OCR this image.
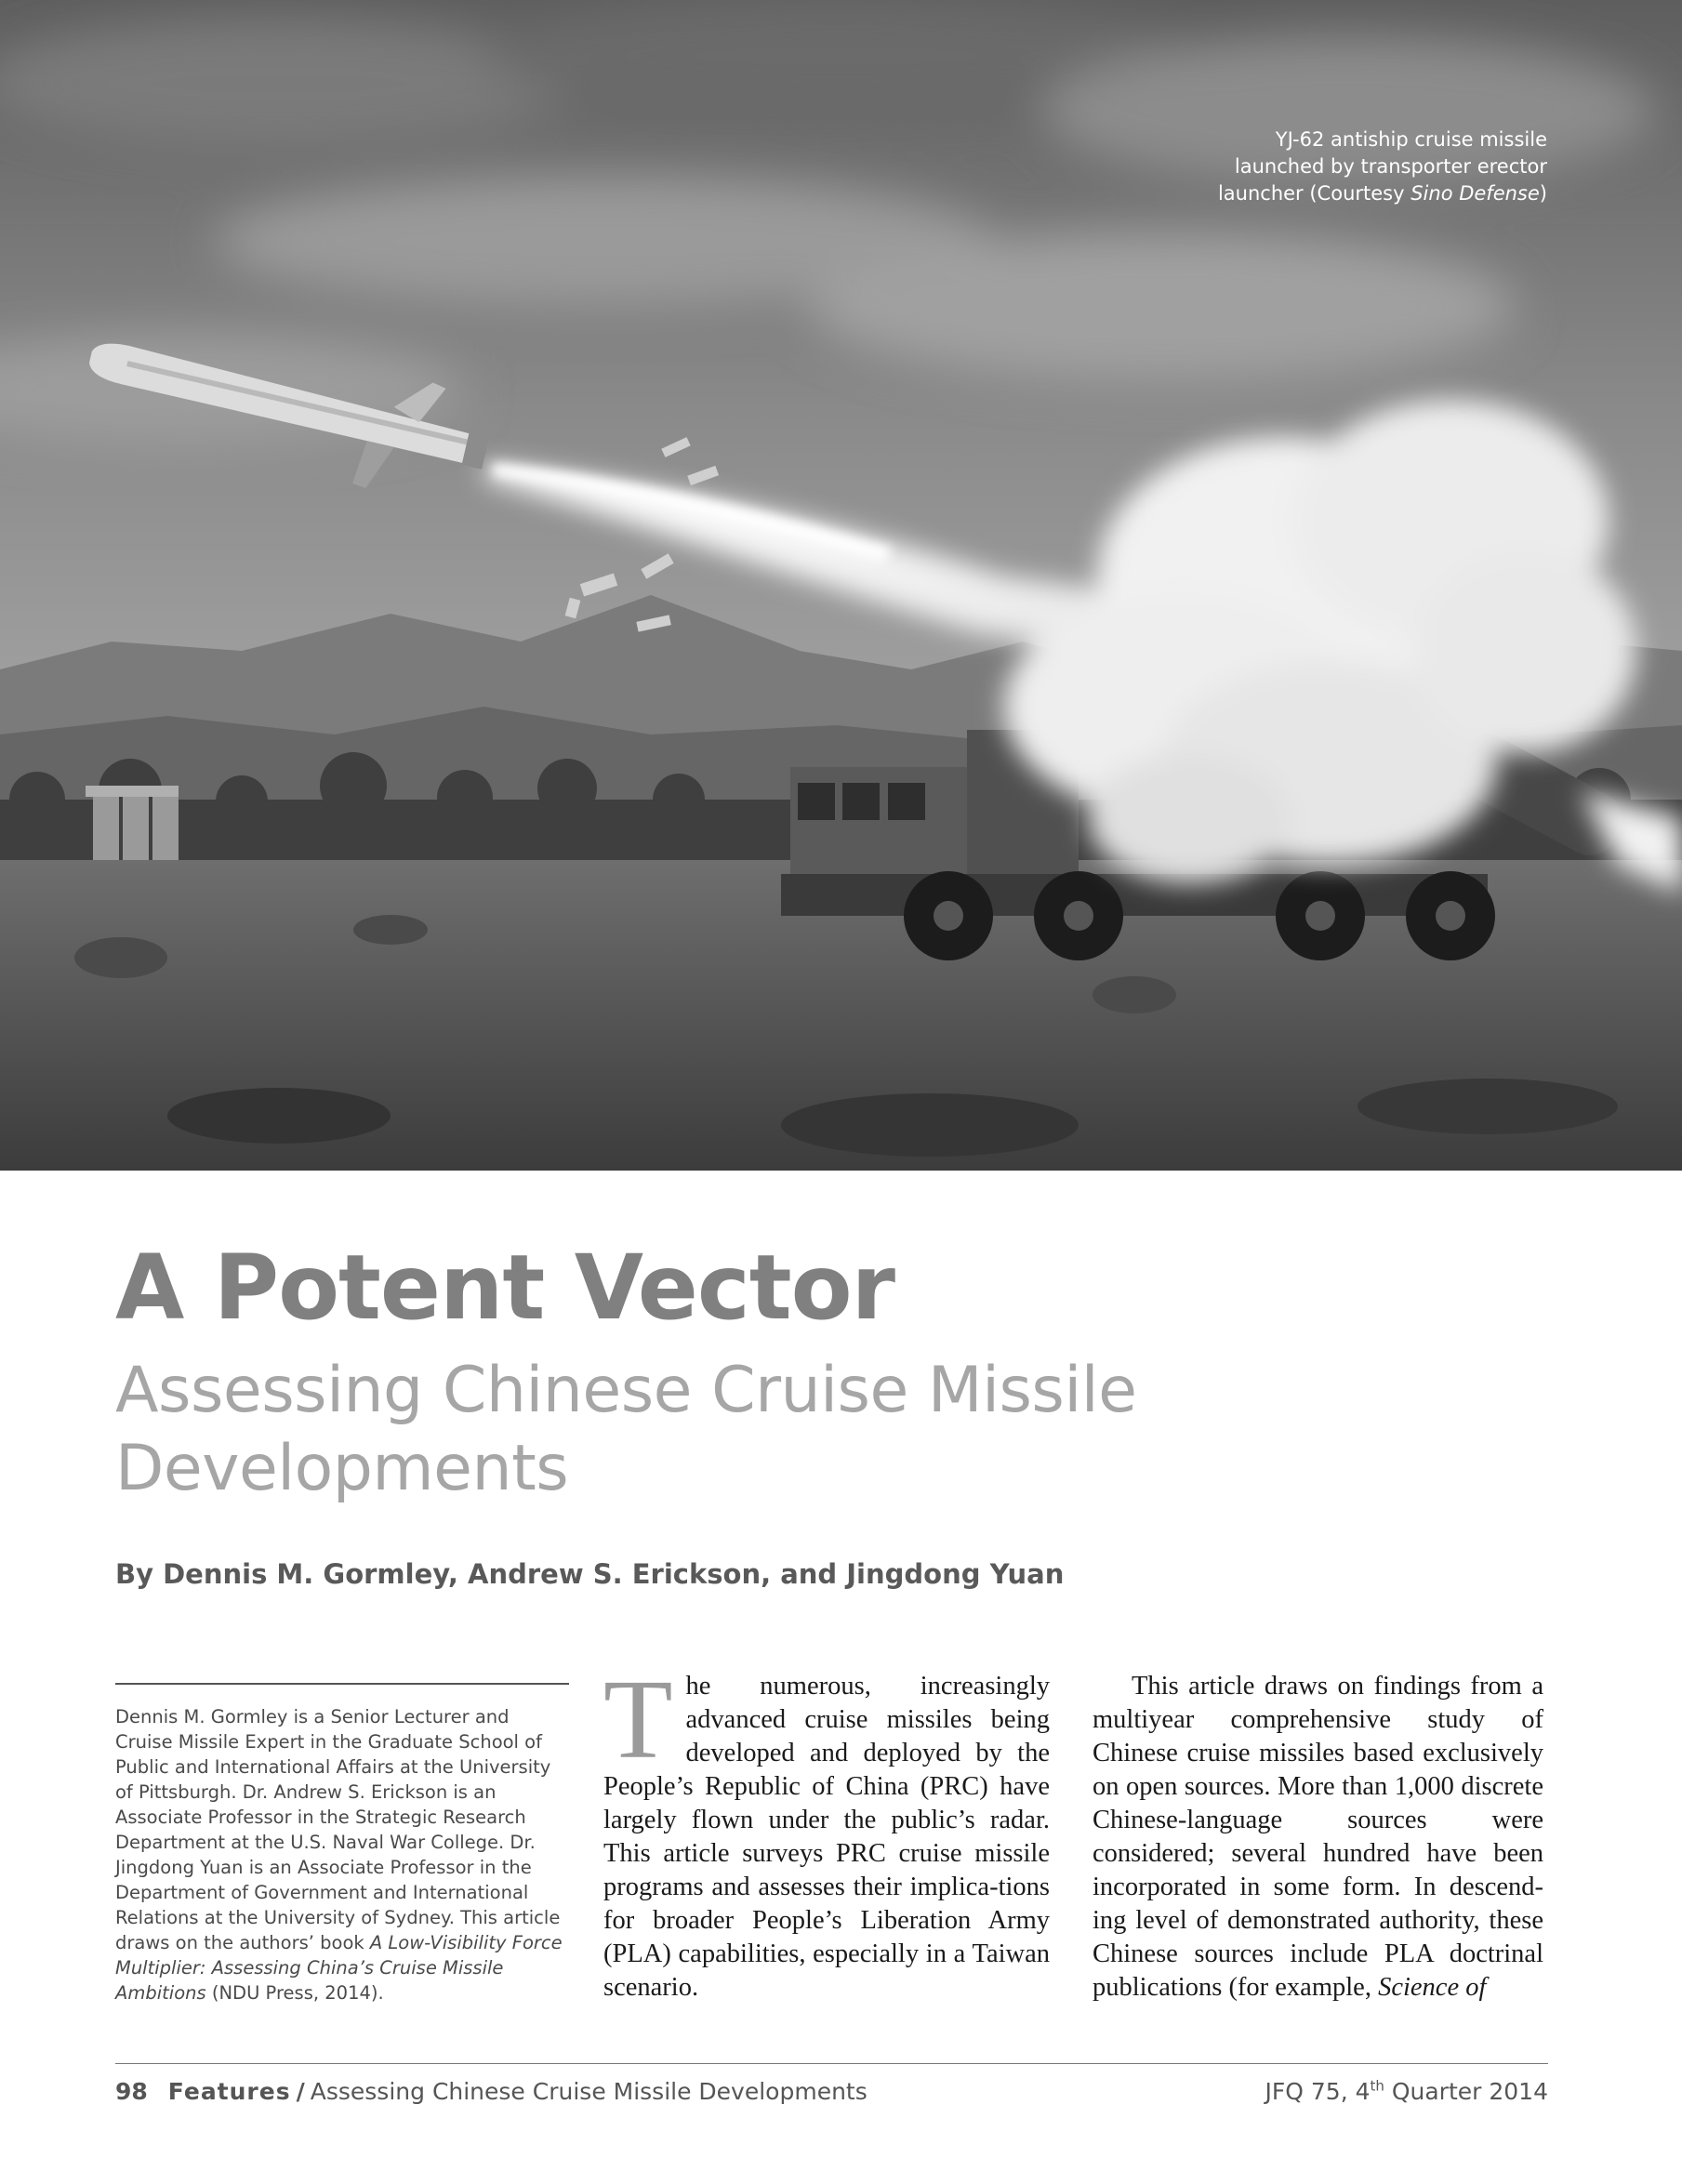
YJ-62 antiship cruise missile
launched by transporter erector
launcher (Courtesy Sino Defense)
A Potent Vector
Assessing Chinese Cruise Missile Developments
By Dennis M. Gormley, Andrew S. Erickson, and Jingdong Yuan
Dennis M. Gormley is a Senior Lecturer and Cruise Missile Expert in the Graduate School of Public and International Affairs at the University of Pittsburgh. Dr. Andrew S. Erickson is an Associate Professor in the Strategic Research Department at the U.S. Naval War College. Dr. Jingdong Yuan is an Associate Professor in the Department of Government and International Relations at the University of Sydney. This article draws on the authors’ book A Low-Visibility Force Multiplier: Assessing China’s Cruise Missile Ambitions (NDU Press, 2014).
The numerous, increasingly advanced cruise missiles being developed and deployed by the People’s Republic of China (PRC) have largely flown under the public’s radar. This article surveys PRC cruise missile programs and assesses their implica-tions for broader People’s Liberation Army (PLA) capabilities, especially in a Taiwan scenario.
This article draws on findings from a multiyear comprehensive study of Chinese cruise missiles based exclusively on open sources. More than 1,000 discrete Chinese-language sources were considered; several hundred have been incorporated in some form. In descend-ing level of demonstrated authority, these Chinese sources include PLA doctrinal publications (for example, Science of
98 Features / Assessing Chinese Cruise Missile Developments	JFQ 75, 4th Quarter 2014
